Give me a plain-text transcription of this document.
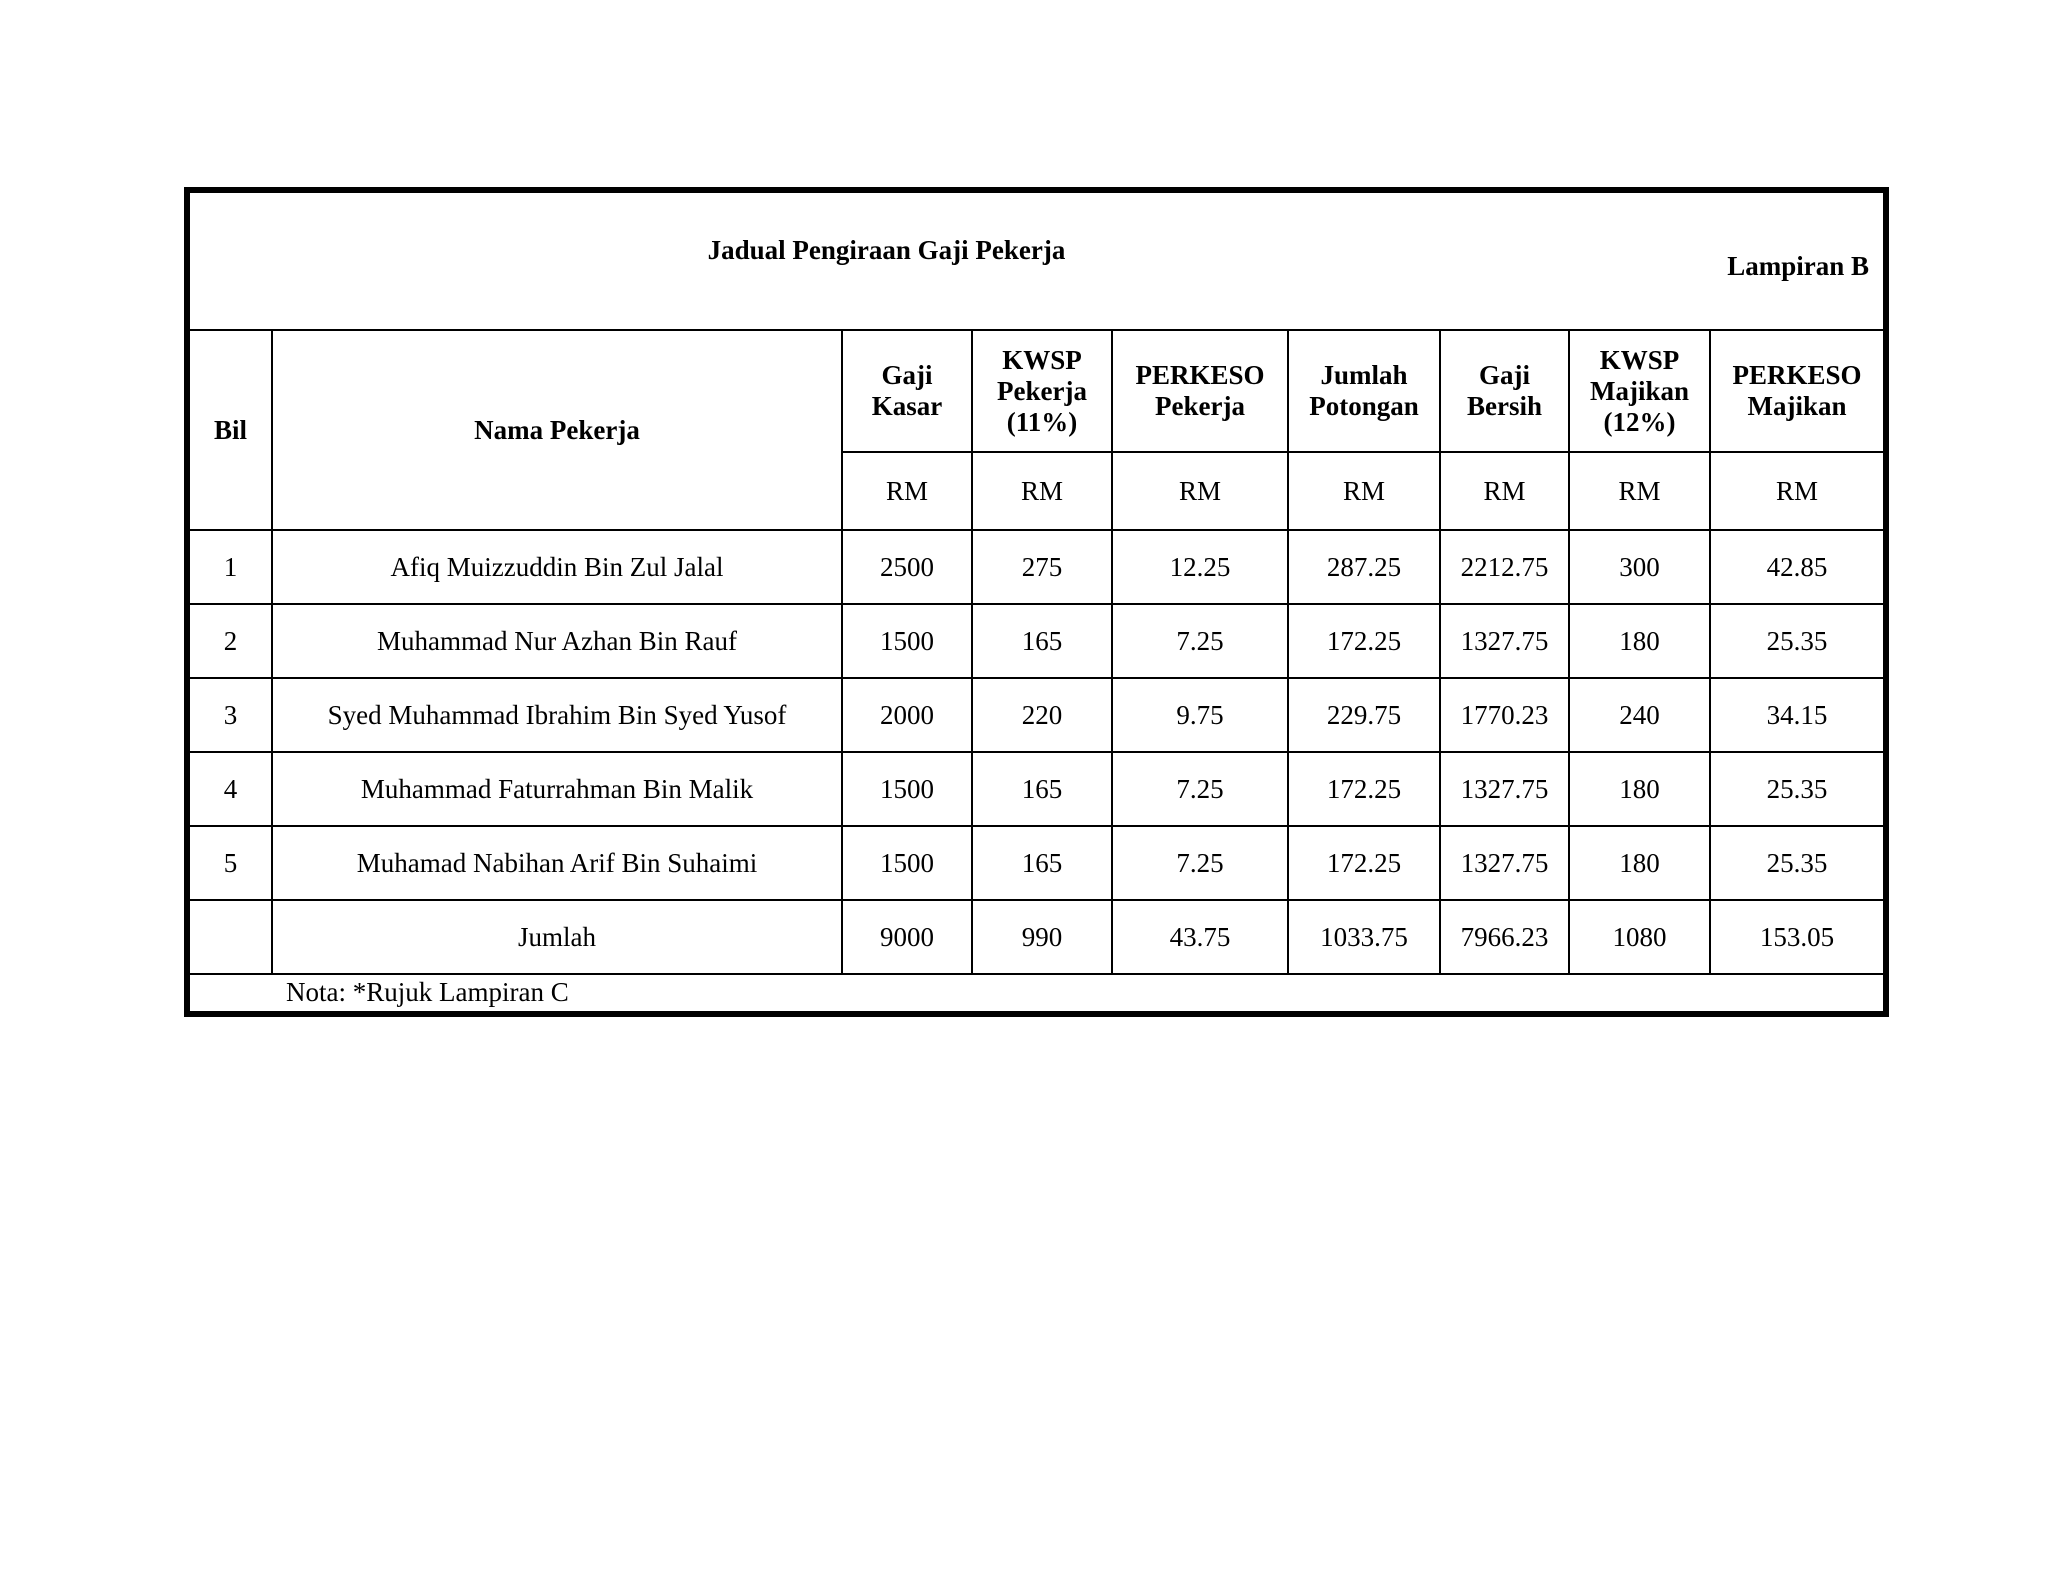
Jadual Pengiraan Gaji Pekerja
Lampiran B
Bil	Nama Pekerja	Gaji Kasar	KWSP Pekerja (11%)	PERKESO Pekerja	Jumlah Potongan	Gaji Bersih	KWSP Majikan (12%)	PERKESO Majikan
		RM	RM	RM	RM	RM	RM	RM
1	Afiq Muizzuddin Bin Zul Jalal	2500	275	12.25	287.25	2212.75	300	42.85
2	Muhammad Nur Azhan Bin Rauf	1500	165	7.25	172.25	1327.75	180	25.35
3	Syed Muhammad Ibrahim Bin Syed Yusof	2000	220	9.75	229.75	1770.23	240	34.15
4	Muhammad Faturrahman Bin Malik	1500	165	7.25	172.25	1327.75	180	25.35
5	Muhamad Nabihan Arif Bin Suhaimi	1500	165	7.25	172.25	1327.75	180	25.35
	Jumlah	9000	990	43.75	1033.75	7966.23	1080	153.05
	Nota: *Rujuk Lampiran C							
